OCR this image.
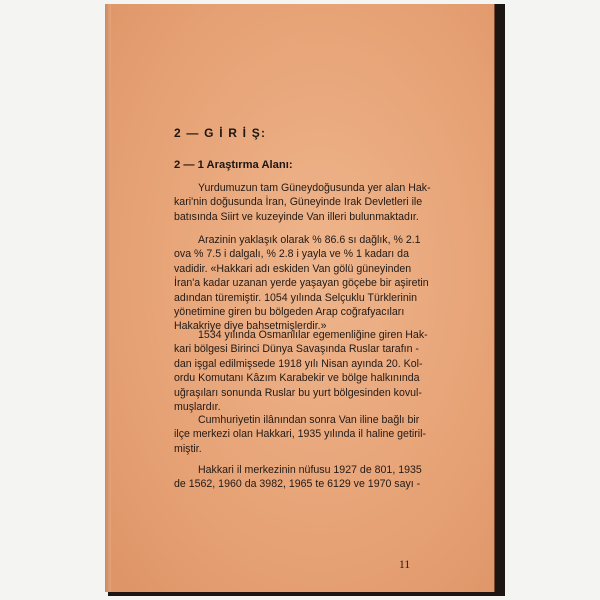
2 — G İ R İ Ş:
2 — 1 Araştırma Alanı:
Yurdumuzun tam Güneydoğusunda yer alan Hak-
kari'nin doğusunda İran, Güneyinde Irak Devletleri ile
batısında Siirt ve kuzeyinde Van illeri bulunmaktadır.
Arazinin yaklaşık olarak % 86.6 sı dağlık, % 2.1
ova % 7.5 i dalgalı, % 2.8 i yayla ve % 1 kadarı da
vadidir. «Hakkari adı eskiden Van gölü güneyinden
İran'a kadar uzanan yerde yaşayan göçebe bir aşiretin
adından türemiştir. 1054 yılında Selçuklu Türklerinin
yönetimine giren bu bölgeden Arap coğrafyacıları
Hakakriye diye bahsetmişlerdir.»
1534 yılında Osmanlılar egemenliğine giren Hak-
kari bölgesi Birinci Dünya Savaşında Ruslar tarafın -
dan işgal edilmişsede 1918 yılı Nisan ayında 20. Kol-
ordu Komutanı Kâzım Karabekir ve bölge halkınında
uğraşıları sonunda Ruslar bu yurt bölgesinden kovul-
muşlardır.
Cumhuriyetin ilânından sonra Van iline bağlı bir
ilçe merkezi olan Hakkari, 1935 yılında il haline getiril-
miştir.
Hakkari il merkezinin nüfusu 1927 de 801, 1935
de 1562, 1960 da 3982, 1965 te 6129 ve 1970 sayı -
11
